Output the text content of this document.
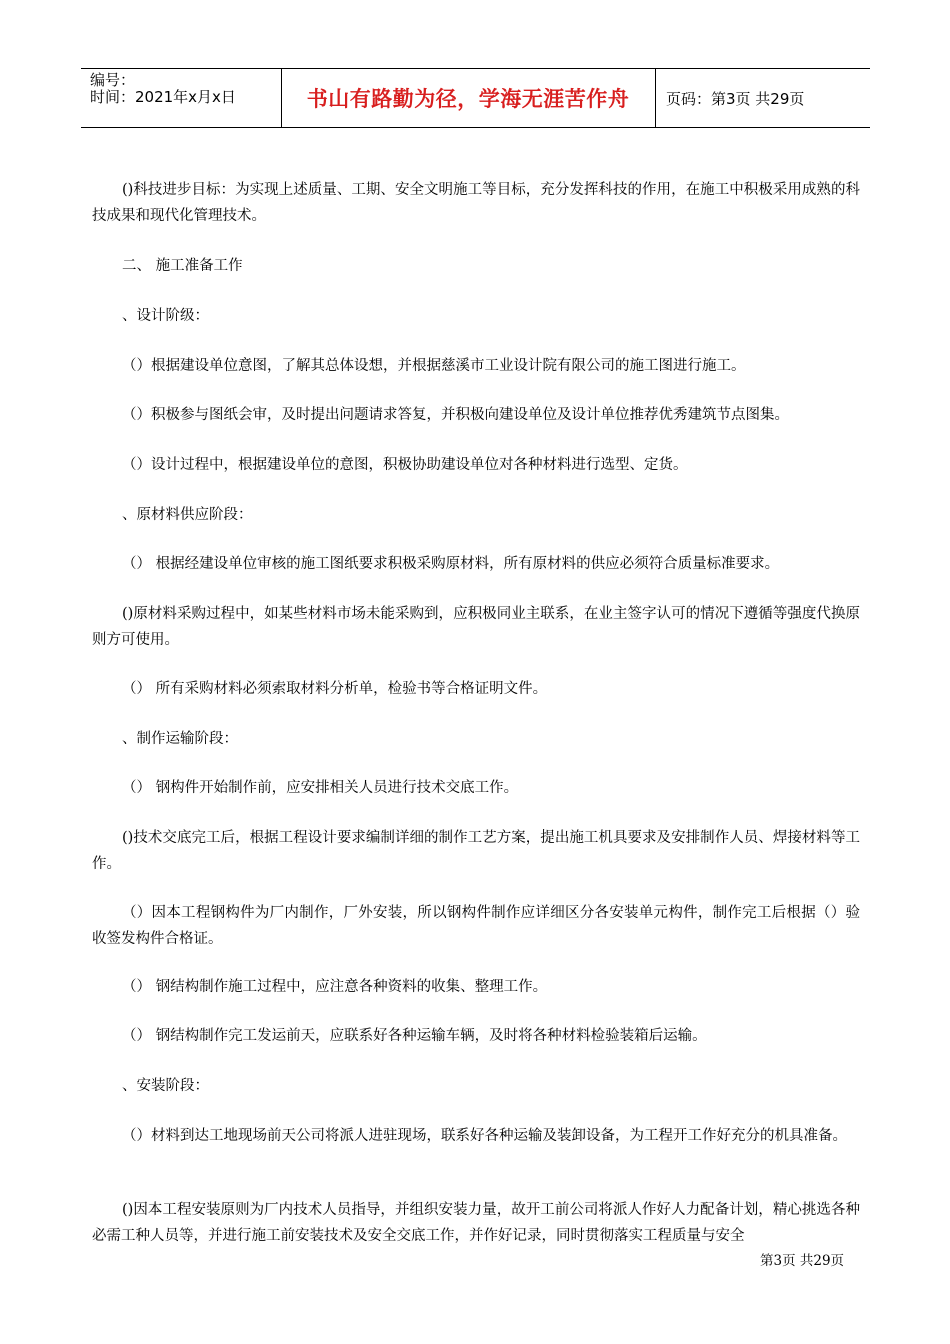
编号：
时间：2021年x月x日	书山有路勤为径，学海无涯苦作舟	页码：第3页 共29页
()科技进步目标：为实现上述质量、工期、安全文明施工等目标，充分发挥科技的作用，在施工中积极采用成熟的科技成果和现代化管理技术。
二、 施工准备工作
、设计阶级：
（）根据建设单位意图，了解其总体设想，并根据慈溪市工业设计院有限公司的施工图进行施工。
（）积极参与图纸会审，及时提出问题请求答复，并积极向建设单位及设计单位推荐优秀建筑节点图集。
（）设计过程中，根据建设单位的意图，积极协助建设单位对各种材料进行选型、定货。
、原材料供应阶段：
（） 根据经建设单位审核的施工图纸要求积极采购原材料，所有原材料的供应必须符合质量标准要求。
()原材料采购过程中，如某些材料市场未能采购到，应积极同业主联系，在业主签字认可的情况下遵循等强度代换原则方可使用。
（） 所有采购材料必须索取材料分析单，检验书等合格证明文件。
、制作运输阶段：
（） 钢构件开始制作前，应安排相关人员进行技术交底工作。
()技术交底完工后，根据工程设计要求编制详细的制作工艺方案，提出施工机具要求及安排制作人员、焊接材料等工作。
（）因本工程钢构件为厂内制作，厂外安装，所以钢构件制作应详细区分各安装单元构件，制作完工后根据（）验收签发构件合格证。
（） 钢结构制作施工过程中，应注意各种资料的收集、整理工作。
（） 钢结构制作完工发运前天，应联系好各种运输车辆，及时将各种材料检验装箱后运输。
、安装阶段：
（）材料到达工地现场前天公司将派人进驻现场，联系好各种运输及装卸设备，为工程开工作好充分的机具准备。
()因本工程安装原则为厂内技术人员指导，并组织安装力量，故开工前公司将派人作好人力配备计划，精心挑选各种必需工种人员等，并进行施工前安装技术及安全交底工作，并作好记录，同时贯彻落实工程质量与安全
第3页 共29页
